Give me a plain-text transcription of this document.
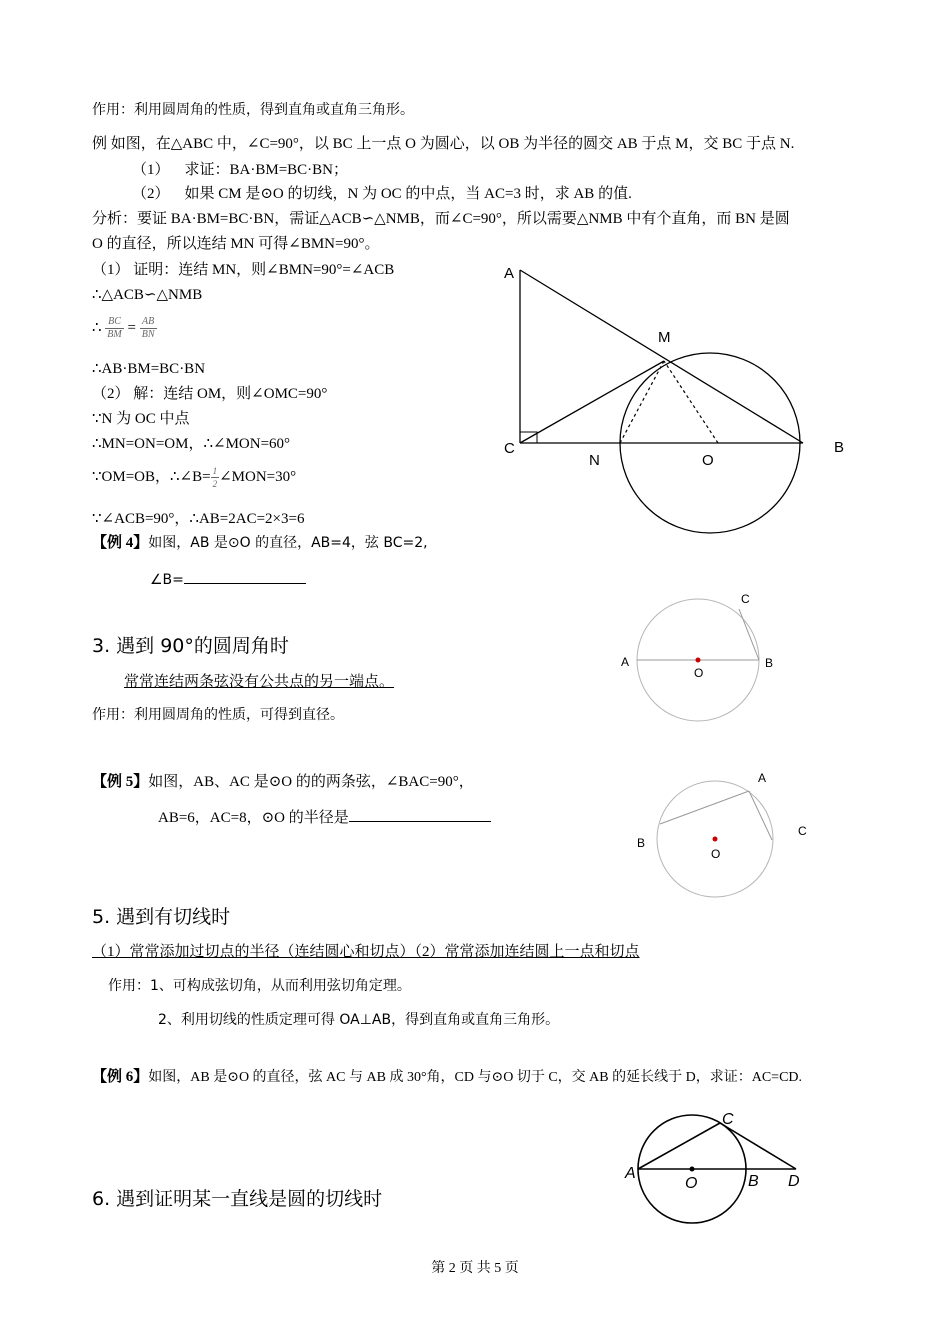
作用：利用圆周角的性质，得到直角或直角三角形。
例 如图，在△ABC 中，∠C=90°，以 BC 上一点 O 为圆心，以 OB 为半径的圆交 AB 于点 M，交 BC 于点 N.
（1） 求证：BA·BM=BC·BN；
（2） 如果 CM 是⊙O 的切线，N 为 OC 的中点，当 AC=3 时，求 AB 的值.
分析：要证 BA·BM=BC·BN，需证△ACB∽△NMB，而∠C=90°，所以需要△NMB 中有个直角，而 BN 是圆
O 的直径，所以连结 MN 可得∠BMN=90°。
（1） 证明：连结 MN，则∠BMN=90°=∠ACB
∴△ACB∽△NMB
∴ $\frac{BC}{BM} = \frac{AB}{BN}$
∴AB·BM=BC·BN
（2） 解：连结 OM，则∠OMC=90°
∵N 为 OC 中点
∴MN=ON=OM，∴∠MON=60°
∵OM=OB，∴∠B= $\frac{1}{2}$ ∠MON=30°
∵∠ACB=90°，∴AB=2AC=2×3=6
A
M
C
N	O
B
【例 4】如图，AB 是⊙O 的直径，AB=4，弦 BC=2,
∠B=
A	B
C
O
3. 遇到 90°的圆周角时
常常连结两条弦没有公共点的另一端点。
作用：利用圆周角的性质，可得到直径。
【例 5】如图，AB、AC 是⊙O 的的两条弦，∠BAC=90°，
AB=6，AC=8，⊙O 的半径是
A
B
C
O
5. 遇到有切线时
（1）常常添加过切点的半径（连结圆心和切点）（2）常常添加连结圆上一点和切点
作用：1、可构成弦切角，从而利用弦切角定理。
2、利用切线的性质定理可得 OA⊥AB，得到直角或直角三角形。
【例 6】如图，AB 是⊙O 的直径，弦 AC 与 AB 成 30°角，CD 与⊙O 切于 C，交 AB 的延长线于 D，求证：AC=CD.
A
O	B
C
D
6. 遇到证明某一直线是圆的切线时
第 2 页 共 5 页
